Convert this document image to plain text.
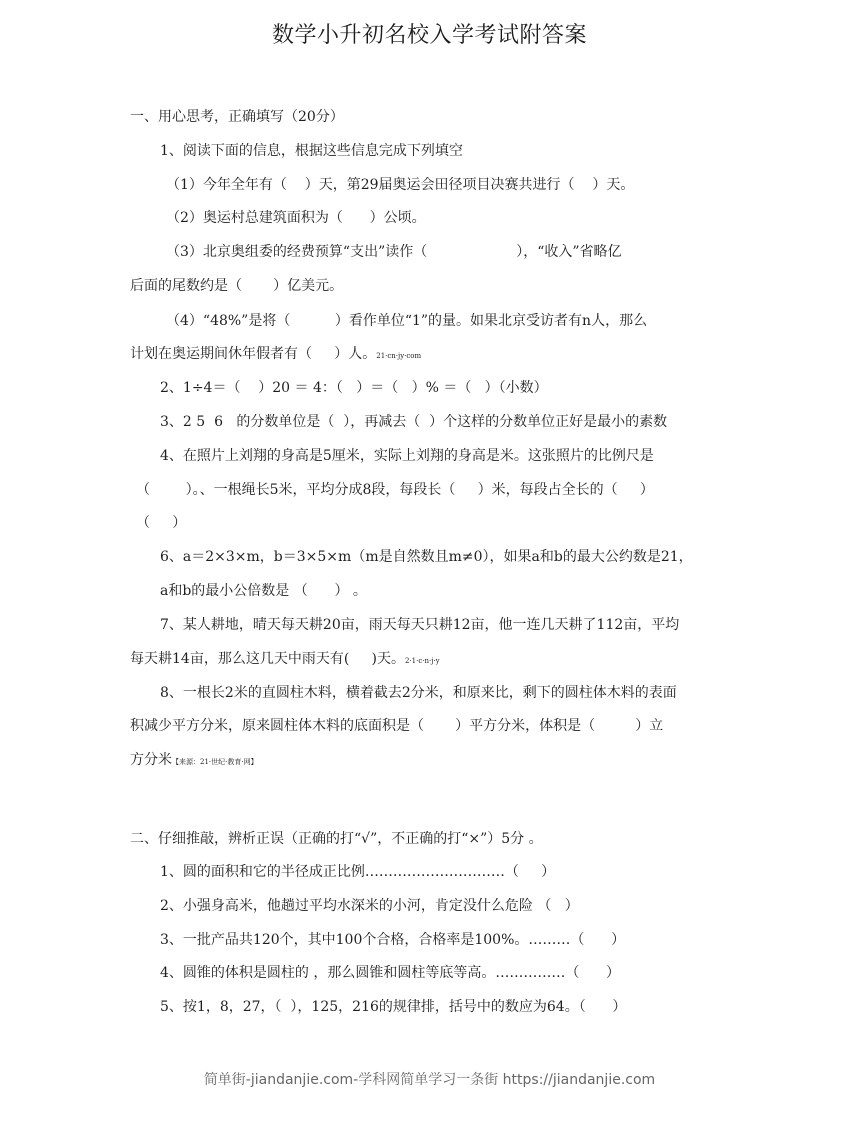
数学小升初名校入学考试附答案
一、用心思考，正确填写（20分）
1、阅读下面的信息，根据这些信息完成下列填空
（1）今年全年有（    ）天，第29届奥运会田径项目决赛共进行（    ）天。
（2）奥运村总建筑面积为（      ）公顷。
（3）北京奥组委的经费预算“支出”读作（                    ），“收入”省略亿
后面的尾数约是（       ）亿美元。
（4）“48%”是将（          ）看作单位“1”的量。如果北京受访者有n人，那么
计划在奥运期间休年假者有（     ）人。21·cn·jy·com
2、1÷4＝（    ）20 ＝ 4：（   ）＝（   ）% ＝（   ）（小数）
3、2 5  6   的分数单位是（  ），再减去（  ）个这样的分数单位正好是最小的素数
4、在照片上刘翔的身高是5厘米，实际上刘翔的身高是米。这张照片的比例尺是
（        ）。、一根绳长5米，平均分成8段，每段长（     ）米，每段占全长的（     ）
（     ）
6、a＝2×3×m，b＝3×5×m（m是自然数且m≠0），如果a和b的最大公约数是21，
a和b的最小公倍数是 （      ） 。
7、某人耕地，晴天每天耕20亩，雨天每天只耕12亩，他一连几天耕了112亩，平均
每天耕14亩，那么这几天中雨天有(     )天。2·1·c·n·j·y
8、一根长2米的直圆柱木料，横着截去2分米，和原来比，剩下的圆柱体木料的表面
积减少平方分米，原来圆柱体木料的底面积是（       ）平方分米，体积是（         ）立
方分米【来源：21·世纪·教育·网】
二、仔细推敲，辨析正误（正确的打“√”，不正确的打“×”）5分 。
1、圆的面积和它的半径成正比例…………………………（     ）
2、小强身高米，他趟过平均水深米的小河，肯定没什么危险 （   ）
3、一批产品共120个，其中100个合格，合格率是100%。………（      ）
4、圆锥的体积是圆柱的 ，那么圆锥和圆柱等底等高。……………（      ）
5、按1，8，27，（  ），125，216的规律排，括号中的数应为64。（      ）
简单街-jiandanjie.com-学科网简单学习一条街 https://jiandanjie.com
